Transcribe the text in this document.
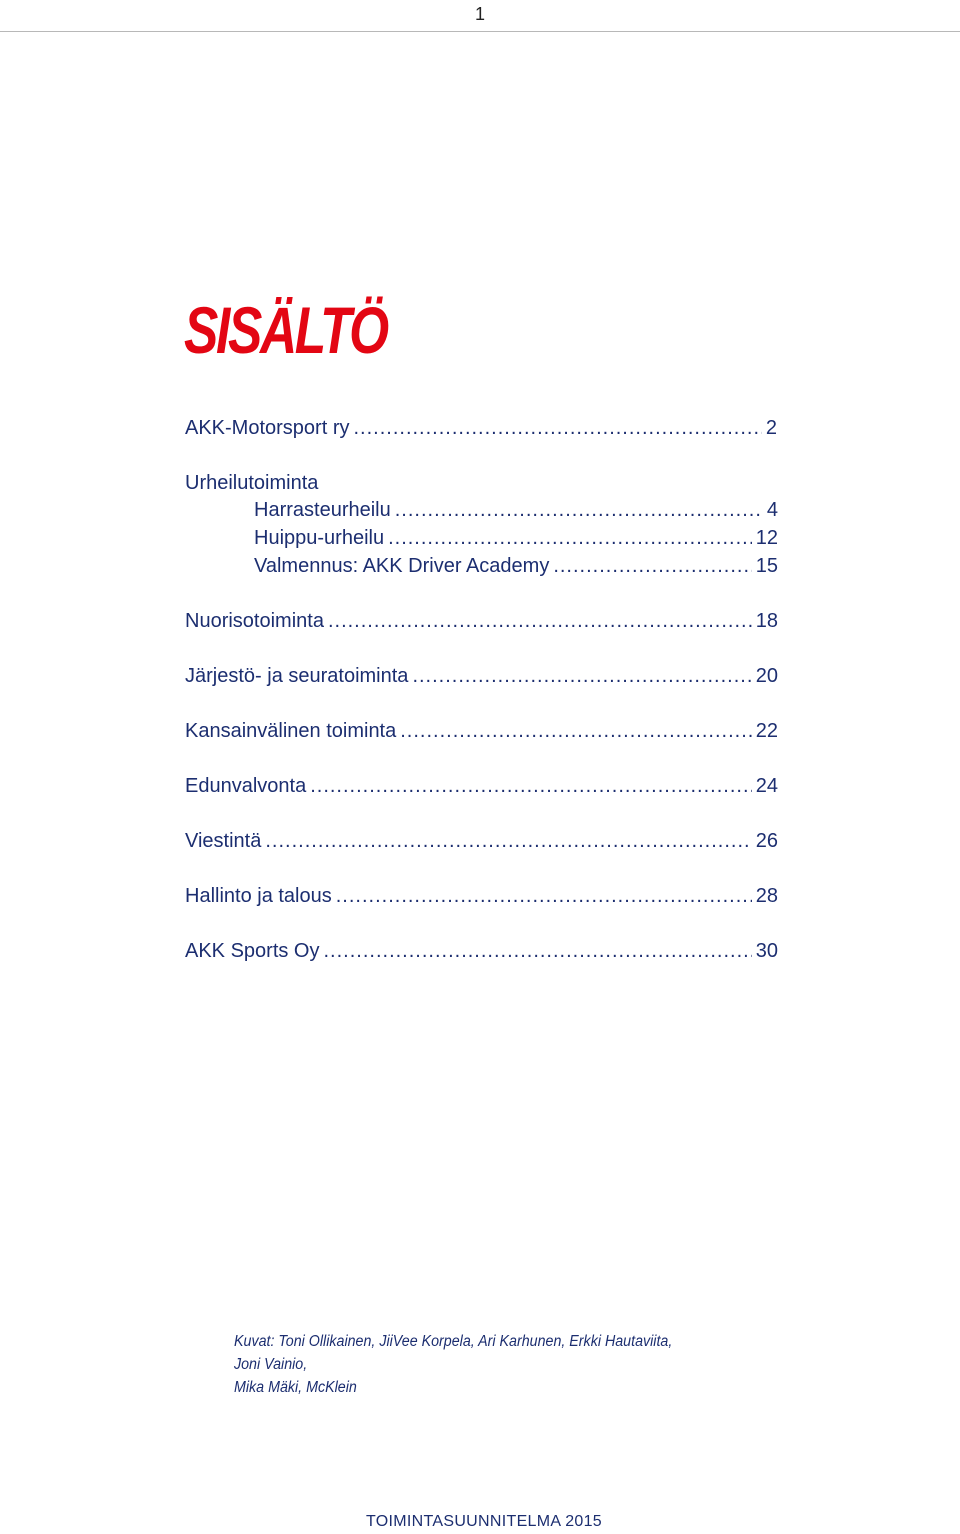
1
SISÄLTÖ
AKK-Motorsport ry .....	2
Urheilutoiminta
Harrasteurheilu .....	4
Huippu-urheilu .....	12
Valmennus: AKK Driver Academy .....	15
Nuorisotoiminta .....	18
Järjestö- ja seuratoiminta .....	20
Kansainvälinen toiminta .....	22
Edunvalvonta .....	24
Viestintä .....	26
Hallinto ja talous .....	28
AKK Sports Oy .....	30
Kuvat: Toni Ollikainen, JiiVee Korpela, Ari Karhunen, Erkki Hautaviita, Joni Vainio,
Mika Mäki, McKlein
TOIMINTASUUNNITELMA 2015
